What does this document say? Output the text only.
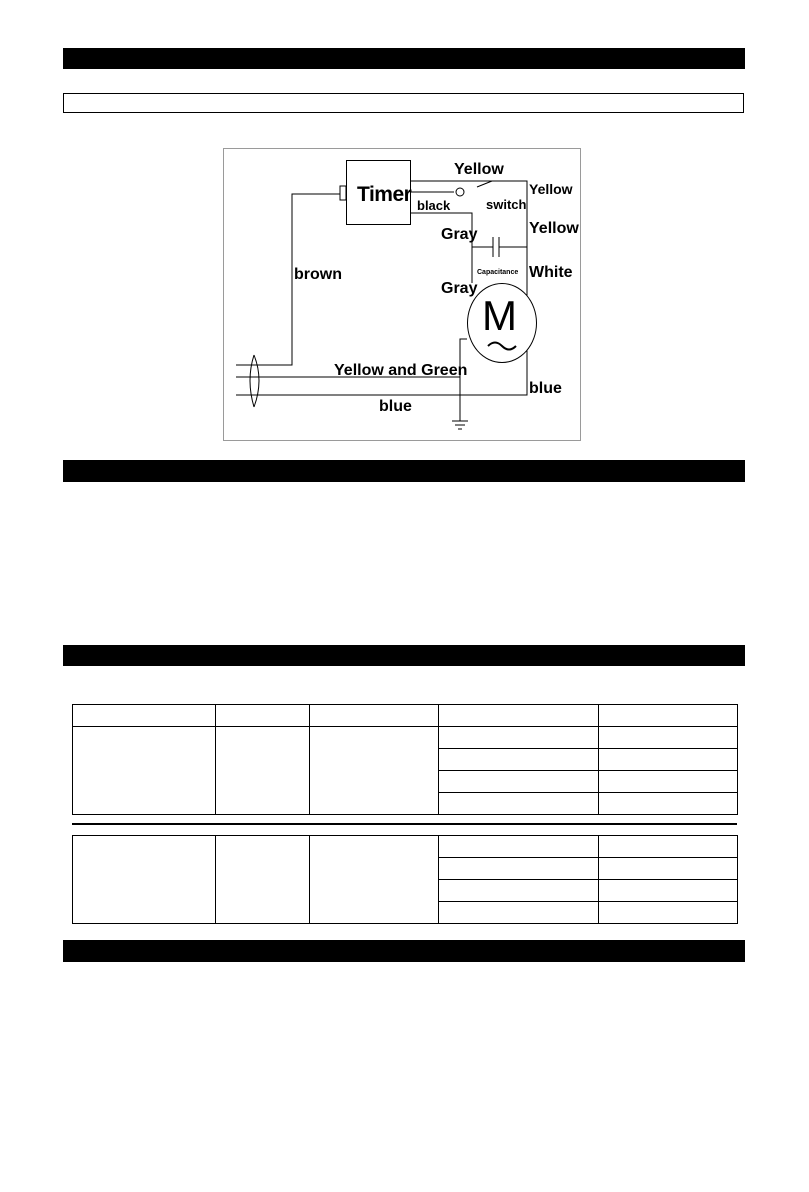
Timer
M
Capacitance
Yellow
Yellow
black	switch
Yellow
Gray
brown	White
Gray
Yellow and Green
blue
blue
